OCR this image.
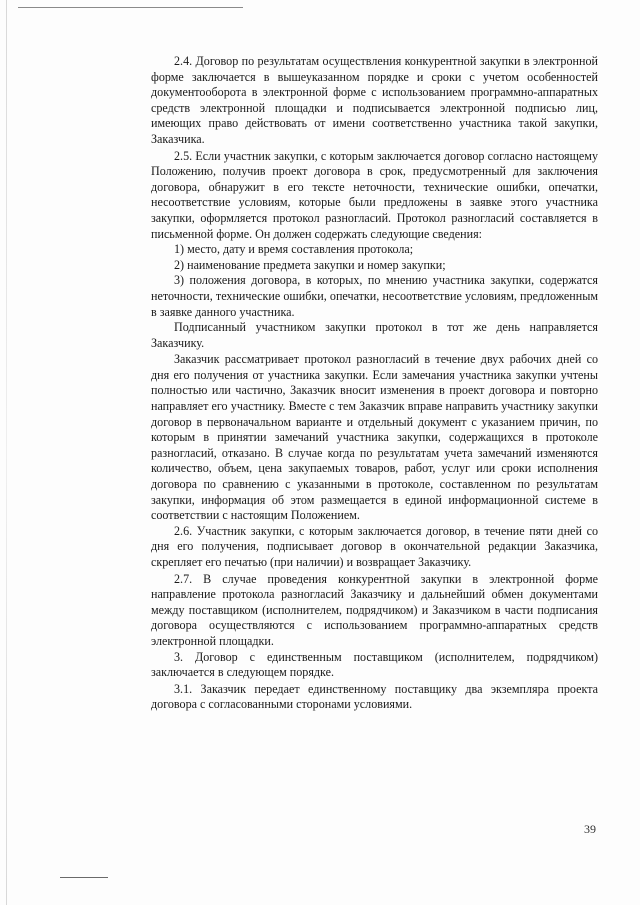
2.4. Договор по результатам осуществления конкурентной закупки в электронной форме заключается в вышеуказанном порядке и сроки с учетом особенностей документооборота в электронной форме с использованием программно-аппаратных средств электронной площадки и подписывается электронной подписью лиц, имеющих право действовать от имени соответственно участника такой закупки, Заказчика.

2.5. Если участник закупки, с которым заключается договор согласно настоящему Положению, получив проект договора в срок, предусмотренный для заключения договора, обнаружит в его тексте неточности, технические ошибки, опечатки, несоответствие условиям, которые были предложены в заявке этого участника закупки, оформляется протокол разногласий. Протокол разногласий составляется в письменной форме. Он должен содержать следующие сведения:

1) место, дату и время составления протокола;

2) наименование предмета закупки и номер закупки;

3) положения договора, в которых, по мнению участника закупки, содержатся неточности, технические ошибки, опечатки, несоответствие условиям, предложенным в заявке данного участника.

Подписанный участником закупки протокол в тот же день направляется Заказчику.

Заказчик рассматривает протокол разногласий в течение двух рабочих дней со дня его получения от участника закупки. Если замечания участника закупки учтены полностью или частично, Заказчик вносит изменения в проект договора и повторно направляет его участнику. Вместе с тем Заказчик вправе направить участнику закупки договор в первоначальном варианте и отдельный документ с указанием причин, по которым в принятии замечаний участника закупки, содержащихся в протоколе разногласий, отказано. В случае когда по результатам учета замечаний изменяются количество, объем, цена закупаемых товаров, работ, услуг или сроки исполнения договора по сравнению с указанными в протоколе, составленном по результатам закупки, информация об этом размещается в единой информационной системе в соответствии с настоящим Положением.

2.6. Участник закупки, с которым заключается договор, в течение пяти дней со дня его получения, подписывает договор в окончательной редакции Заказчика, скрепляет его печатью (при наличии) и возвращает Заказчику.

2.7. В случае проведения конкурентной закупки в электронной форме направление протокола разногласий Заказчику и дальнейший обмен документами между поставщиком (исполнителем, подрядчиком) и Заказчиком в части подписания договора осуществляются с использованием программно-аппаратных средств электронной площадки.

3. Договор с единственным поставщиком (исполнителем, подрядчиком) заключается в следующем порядке.

3.1. Заказчик передает единственному поставщику два экземпляра проекта договора с согласованными сторонами условиями.

39
